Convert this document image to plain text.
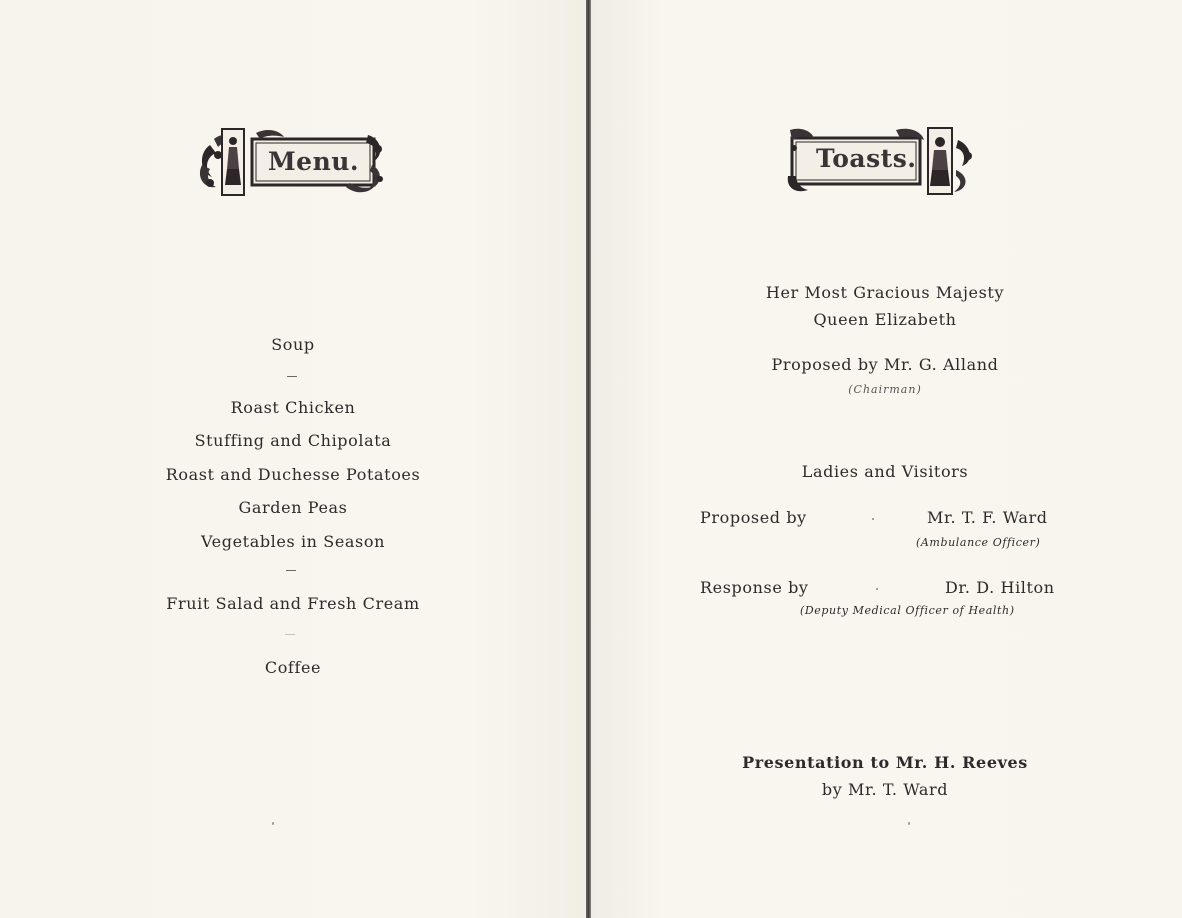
Menu.	Toasts.
Soup
Roast Chicken
Stuffing and Chipolata
Roast and Duchesse Potatoes
Garden Peas
Vegetables in Season
Fruit Salad and Fresh Cream
Coffee
Her Most Gracious Majesty
Queen Elizabeth
Proposed by Mr. G. Alland
(Chairman)
Ladies and Visitors
Proposed by	Mr. T. F. Ward
(Ambulance Officer)
Response by	Dr. D. Hilton
(Deputy Medical Officer of Health)
Presentation to Mr. H. Reeves
by Mr. T. Ward
